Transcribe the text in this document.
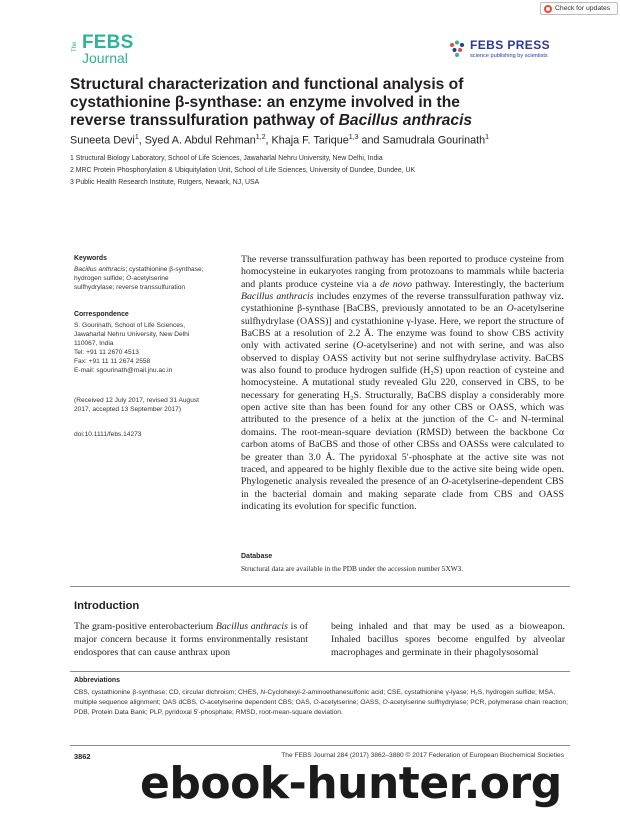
Check for updates
The FEBS
Journal
FEBS PRESS
science publishing by scientists
Structural characterization and functional analysis of
cystathionine β-synthase: an enzyme involved in the
reverse transsulfuration pathway of Bacillus anthracis
Suneeta Devi$^1$, Syed A. Abdul Rehman$^{1,2}$, Khaja F. Tarique$^{1,3}$ and Samudrala Gourinath$^1$
1 Structural Biology Laboratory, School of Life Sciences, Jawaharlal Nehru University, New Delhi, India
2 MRC Protein Phosphorylation & Ubiquitylation Unit, School of Life Sciences, University of Dundee, Dundee, UK
3 Public Health Research Institute, Rutgers, Newark, NJ, USA
Keywords
Bacillus anthracis; cystathionine β-synthase;
hydrogen sulfide; O-acetylserine
sulfhydrylase; reverse transsulfuration
Correspondence
S. Gourinath, School of Life Sciences,
Jawaharlal Nehru University, New Delhi
110067, India
Tel: +91 11 2670 4513
Fax: +91 11 11 2674 2558
E-mail: sgourinath@mail.jnu.ac.in
(Received 12 July 2017, revised 31 August
2017, accepted 13 September 2017)
doi:10.1111/febs.14273

The reverse transsulfuration pathway has been reported to produce cysteine from homocysteine in eukaryotes ranging from protozoans to mammals while bacteria and plants produce cysteine via a de novo pathway. Interestingly, the bacterium Bacillus anthracis includes enzymes of the reverse transsulfuration pathway viz. cystathionine β-synthase [BaCBS, previously annotated to be an O-acetylserine sulfhydrylase (OASS)] and cystathionine γ-lyase. Here, we report the structure of BaCBS at a resolution of 2.2 Å. The enzyme was found to show CBS activity only with activated serine (O-acetylserine) and not with serine, and was also observed to display OASS activity but not serine sulfhydrylase activity. BaCBS was also found to produce hydrogen sulfide (H₂S) upon reaction of cysteine and homocysteine. A mutational study revealed Glu 220, conserved in CBS, to be necessary for generating H₂S. Structurally, BaCBS display a considerably more open active site than has been found for any other CBS or OASS, which was attributed to the presence of a helix at the junction of the C- and N-terminal domains. The root-mean-square deviation (RMSD) between the backbone Cα carbon atoms of BaCBS and those of other CBSs and OASSs were calculated to be greater than 3.0 Å. The pyridoxal 5′-phosphate at the active site was not traced, and appeared to be highly flexible due to the active site being wide open. Phylogenetic analysis revealed the presence of an O-acetylserine-dependent CBS in the bacterial domain and making separate clade from CBS and OASS indicating its evolution for specific function.

Database
Structural data are available in the PDB under the accession number 5XW3.
Introduction

The gram-positive enterobacterium Bacillus anthracis is of major concern because it forms environmentally resistant endospores that can cause anthrax upon

being inhaled and that may be used as a bioweapon. Inhaled bacillus spores become engulfed by alveolar macrophages and germinate in their phagolysosomal

Abbreviations

CBS, cystathionine β-synthase; CD, circular dichroism; CHES, N-Cyclohexyl-2-aminoethanesulfonic acid; CSE, cystathionine γ-lyase; H₂S, hydrogen sulfide; MSA, multiple sequence alignment; OAS dCBS, O-acetylserine dependent CBS; OAS, O-acetylserine; OASS, O-acetylserine sulfhydrylase; PCR, polymerase chain reaction; PDB, Protein Data Bank; PLP, pyridoxal 5′-phosphate; RMSD, root-mean-square deviation.

3862	The FEBS Journal 284 (2017) 3862–3880 © 2017 Federation of European Biochemical Societies
ebook-hunter.org
